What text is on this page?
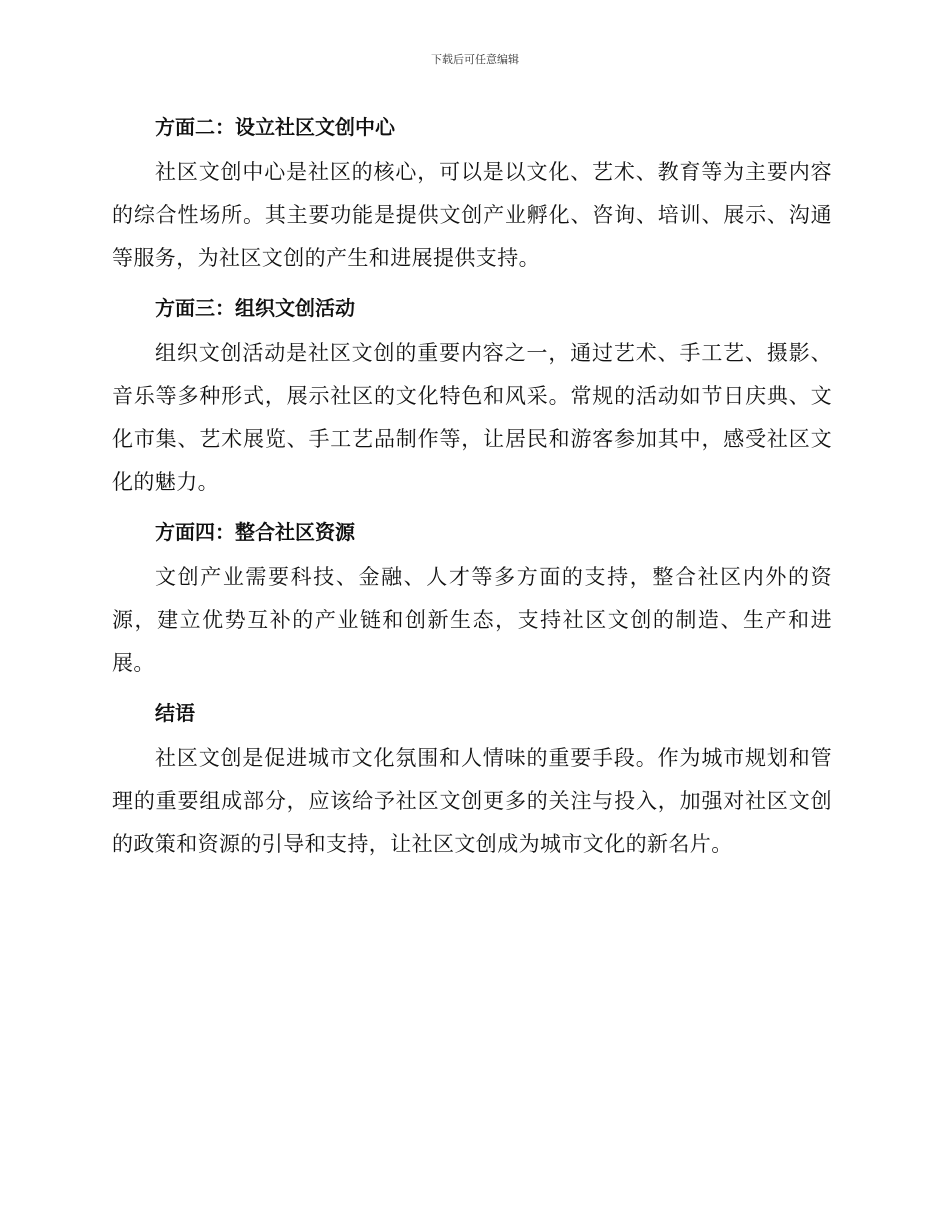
下载后可任意编辑
方面二：设立社区文创中心

社区文创中心是社区的核心，可以是以文化、艺术、教育等为主要内容的综合性场所。其主要功能是提供文创产业孵化、咨询、培训、展示、沟通等服务，为社区文创的产生和进展提供支持。

方面三：组织文创活动

组织文创活动是社区文创的重要内容之一，通过艺术、手工艺、摄影、音乐等多种形式，展示社区的文化特色和风采。常规的活动如节日庆典、文化市集、艺术展览、手工艺品制作等，让居民和游客参加其中，感受社区文化的魅力。

方面四：整合社区资源

文创产业需要科技、金融、人才等多方面的支持，整合社区内外的资源，建立优势互补的产业链和创新生态，支持社区文创的制造、生产和进展。

结语

社区文创是促进城市文化氛围和人情味的重要手段。作为城市规划和管理的重要组成部分，应该给予社区文创更多的关注与投入，加强对社区文创的政策和资源的引导和支持，让社区文创成为城市文化的新名片。
